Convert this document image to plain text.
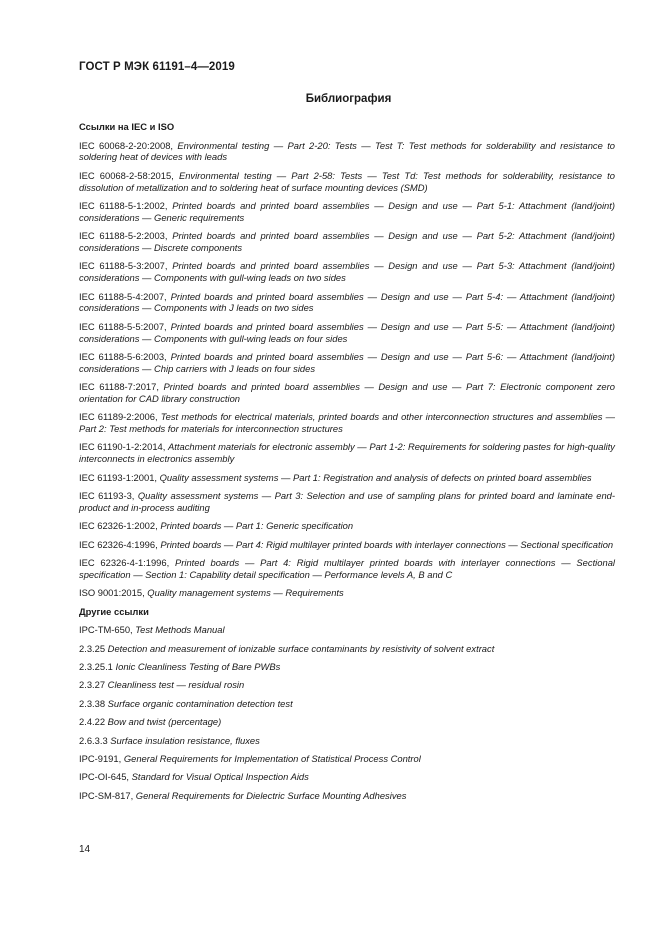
ГОСТ Р МЭК 61191–4—2019
Библиография
Ссылки на IEC и ISO
IEC 60068-2-20:2008, Environmental testing — Part 2-20: Tests — Test T: Test methods for solderability and resistance to soldering heat of devices with leads
IEC 60068-2-58:2015, Environmental testing — Part 2-58: Tests — Test Td: Test methods for solderability, resistance to dissolution of metallization and to soldering heat of surface mounting devices (SMD)
IEC 61188-5-1:2002, Printed boards and printed board assemblies — Design and use — Part 5-1: Attachment (land/joint) considerations — Generic requirements
IEC 61188-5-2:2003, Printed boards and printed board assemblies — Design and use — Part 5-2: Attachment (land/joint) considerations — Discrete components
IEC 61188-5-3:2007, Printed boards and printed board assemblies — Design and use — Part 5-3: Attachment (land/joint) considerations — Components with gull-wing leads on two sides
IEC 61188-5-4:2007, Printed boards and printed board assemblies — Design and use — Part 5-4: — Attachment (land/joint) considerations — Components with J leads on two sides
IEC 61188-5-5:2007, Printed boards and printed board assemblies — Design and use — Part 5-5: — Attachment (land/joint) considerations — Components with gull-wing leads on four sides
IEC 61188-5-6:2003, Printed boards and printed board assemblies — Design and use — Part 5-6: — Attachment (land/joint) considerations — Chip carriers with J leads on four sides
IEC 61188-7:2017, Printed boards and printed board assemblies — Design and use — Part 7: Electronic component zero orientation for CAD library construction
IEC 61189-2:2006, Test methods for electrical materials, printed boards and other interconnection structures and assemblies — Part 2: Test methods for materials for interconnection structures
IEC 61190-1-2:2014, Attachment materials for electronic assembly — Part 1-2: Requirements for soldering pastes for high-quality interconnects in electronics assembly
IEC 61193-1:2001, Quality assessment systems — Part 1: Registration and analysis of defects on printed board assemblies
IEC 61193-3, Quality assessment systems — Part 3: Selection and use of sampling plans for printed board and laminate end-product and in-process auditing
IEC 62326-1:2002, Printed boards — Part 1: Generic specification
IEC 62326-4:1996, Printed boards — Part 4: Rigid multilayer printed boards with interlayer connections — Sectional specification
IEC 62326-4-1:1996, Printed boards — Part 4: Rigid multilayer printed boards with interlayer connections — Sectional specification — Section 1: Capability detail specification — Performance levels A, B and C
ISO 9001:2015, Quality management systems — Requirements
Другие ссылки
IPC-TM-650, Test Methods Manual
2.3.25 Detection and measurement of ionizable surface contaminants by resistivity of solvent extract
2.3.25.1 Ionic Cleanliness Testing of Bare PWBs
2.3.27 Cleanliness test — residual rosin
2.3.38 Surface organic contamination detection test
2.4.22 Bow and twist (percentage)
2.6.3.3 Surface insulation resistance, fluxes
IPC-9191, General Requirements for Implementation of Statistical Process Control
IPC-OI-645, Standard for Visual Optical Inspection Aids
IPC-SM-817, General Requirements for Dielectric Surface Mounting Adhesives
14
